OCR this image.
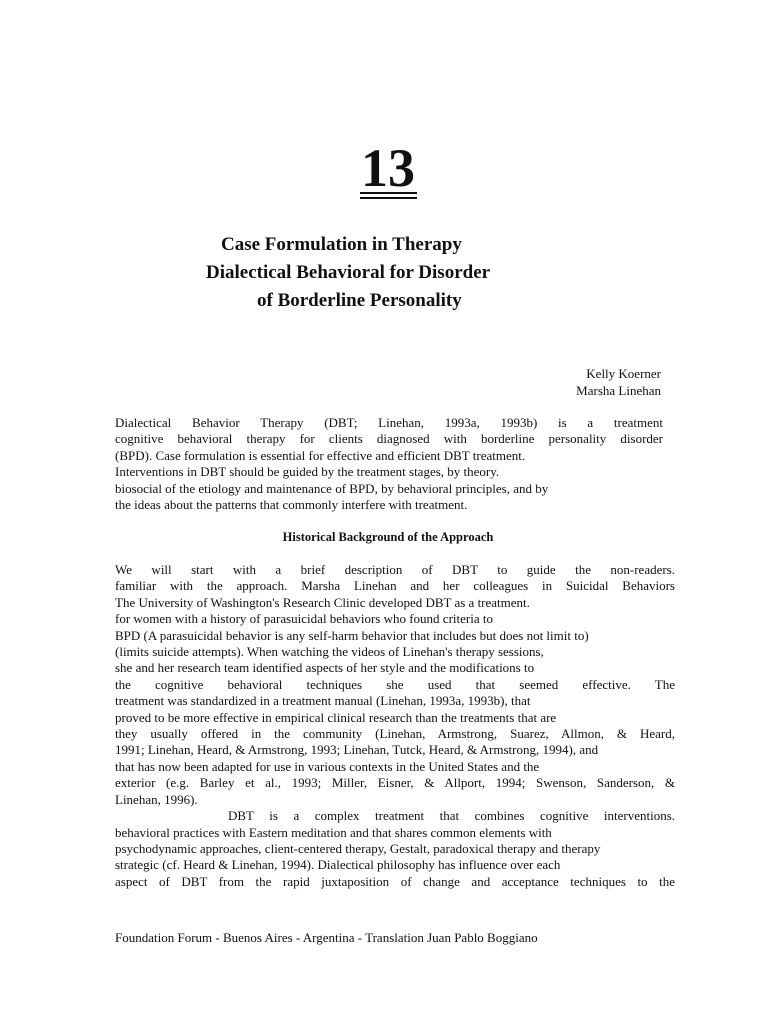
13
Case Formulation in Therapy
Dialectical Behavioral for Disorder
of Borderline Personality
Kelly Koerner
Marsha Linehan
Dialectical Behavior Therapy (DBT; Linehan, 1993a, 1993b) is a treatment
cognitive behavioral therapy for clients diagnosed with borderline personality disorder
(BPD). Case formulation is essential for effective and efficient DBT treatment.
Interventions in DBT should be guided by the treatment stages, by theory.
biosocial of the etiology and maintenance of BPD, by behavioral principles, and by
the ideas about the patterns that commonly interfere with treatment.
Historical Background of the Approach
We will start with a brief description of DBT to guide the non-readers.
familiar with the approach. Marsha Linehan and her colleagues in Suicidal Behaviors
The University of Washington's Research Clinic developed DBT as a treatment.
for women with a history of parasuicidal behaviors who found criteria to
BPD (A parasuicidal behavior is any self-harm behavior that includes but does not limit to)
(limits suicide attempts). When watching the videos of Linehan's therapy sessions,
she and her research team identified aspects of her style and the modifications to
the cognitive behavioral techniques she used that seemed effective. The
treatment was standardized in a treatment manual (Linehan, 1993a, 1993b), that
proved to be more effective in empirical clinical research than the treatments that are
they usually offered in the community (Linehan, Armstrong, Suarez, Allmon, & Heard,
1991; Linehan, Heard, & Armstrong, 1993; Linehan, Tutck, Heard, & Armstrong, 1994), and
that has now been adapted for use in various contexts in the United States and the
exterior (e.g. Barley et al., 1993; Miller, Eisner, & Allport, 1994; Swenson, Sanderson, &
Linehan, 1996).
DBT is a complex treatment that combines cognitive interventions.
behavioral practices with Eastern meditation and that shares common elements with
psychodynamic approaches, client-centered therapy, Gestalt, paradoxical therapy and therapy
strategic (cf. Heard & Linehan, 1994). Dialectical philosophy has influence over each
aspect of DBT from the rapid juxtaposition of change and acceptance techniques to the
Foundation Forum - Buenos Aires - Argentina - Translation Juan Pablo Boggiano
